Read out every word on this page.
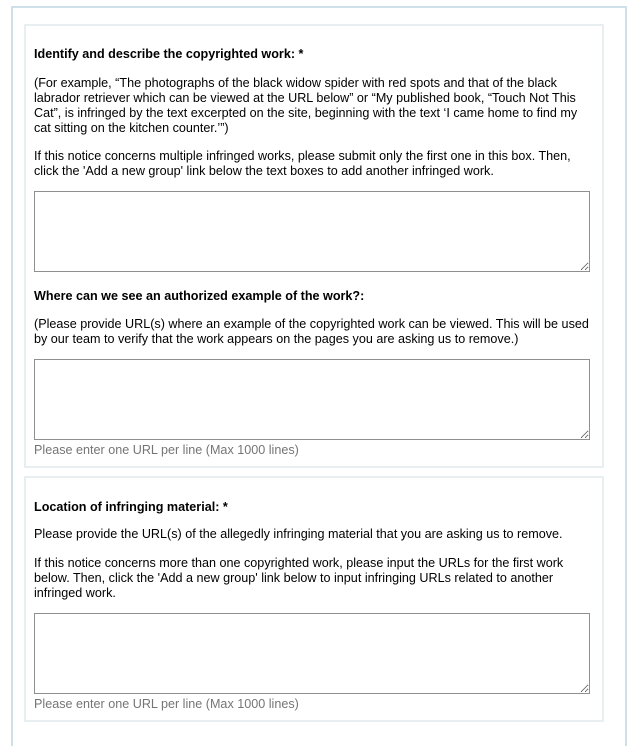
Identify and describe the copyrighted work: *

(For example, “The photographs of the black widow spider with red spots and that of the black labrador retriever which can be viewed at the URL below” or “My published book, “Touch Not This Cat”, is infringed by the text excerpted on the site, beginning with the text ‘I came home to find my cat sitting on the kitchen counter.’”)

If this notice concerns multiple infringed works, please submit only the first one in this box. Then, click the 'Add a new group' link below the text boxes to add another infringed work.

Where can we see an authorized example of the work?:

(Please provide URL(s) where an example of the copyrighted work can be viewed. This will be used by our team to verify that the work appears on the pages you are asking us to remove.)

Please enter one URL per line (Max 1000 lines)

Location of infringing material: *

Please provide the URL(s) of the allegedly infringing material that you are asking us to remove.

If this notice concerns more than one copyrighted work, please input the URLs for the first work below. Then, click the 'Add a new group' link below to input infringing URLs related to another infringed work.

Please enter one URL per line (Max 1000 lines)
